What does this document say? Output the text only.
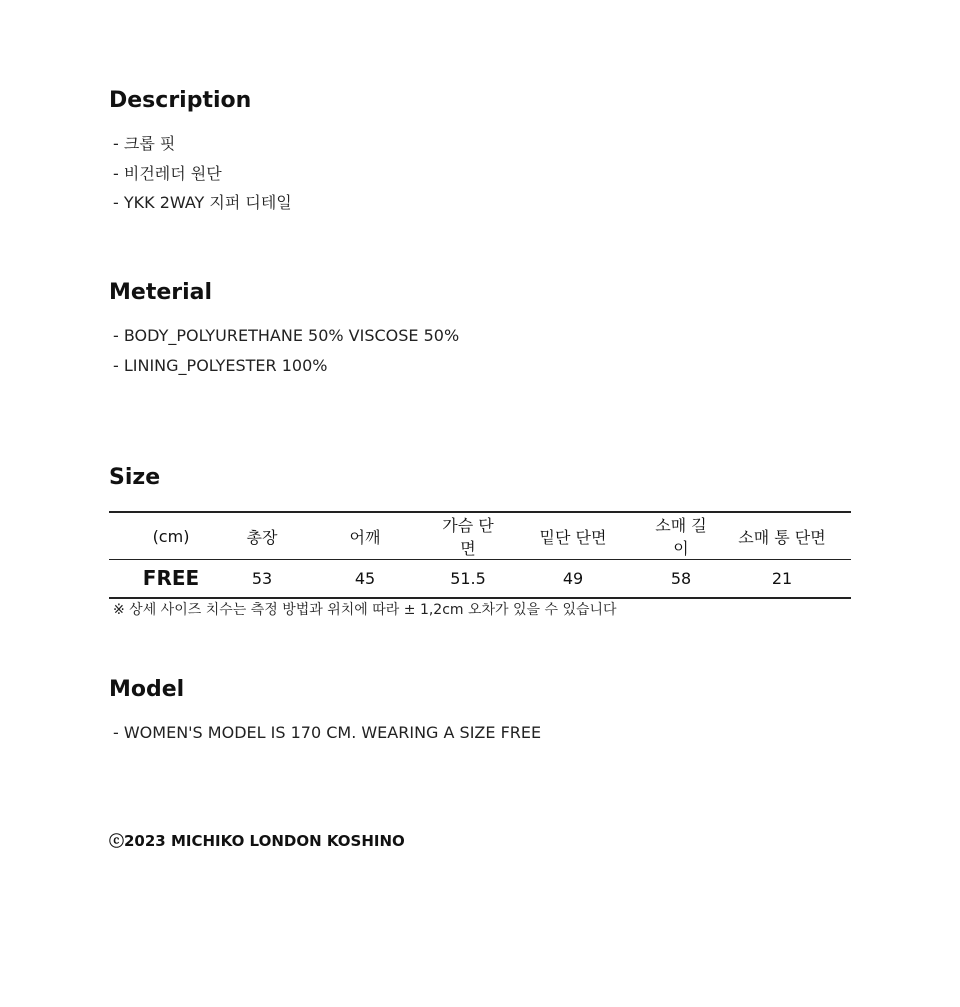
Description
- 크롭 핏
- 비건레더 원단
- YKK 2WAY 지퍼 디테일
Meterial
- BODY_POLYURETHANE 50% VISCOSE 50%
- LINING_POLYESTER 100%
Size
(cm)	총장	어깨	가슴 단면	밑단 단면	소매 길이	소매 통 단면
FREE	53	45	51.5	49	58	21

※ 상세 사이즈 치수는 측정 방법과 위치에 따라 ± 1,2cm 오차가 있을 수 있습니다

Model
- WOMEN'S MODEL IS 170 CM. WEARING A SIZE FREE

ⓒ2023 MICHIKO LONDON KOSHINO
